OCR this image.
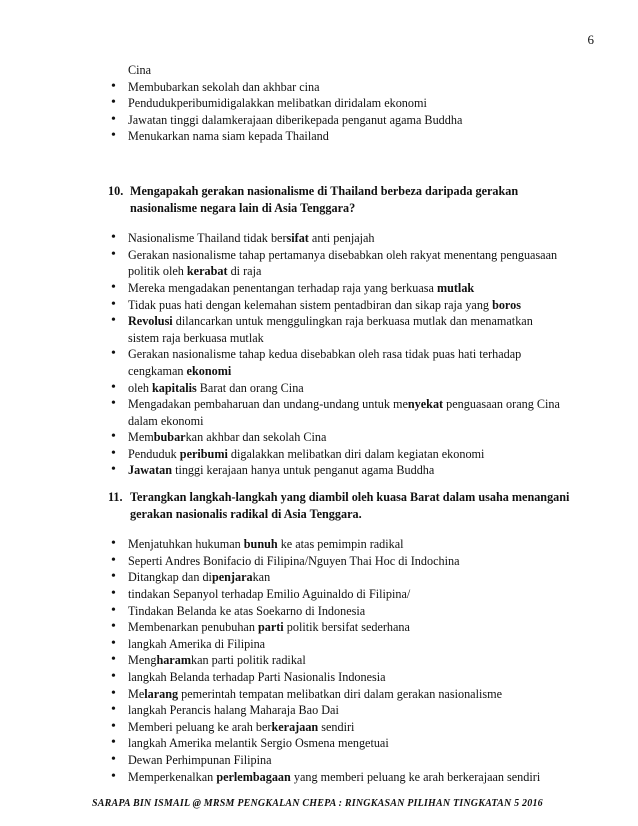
6
Cina
• Membubarkan sekolah dan akhbar cina
• Pendudukperibumidigalakkan melibatkan diridalam ekonomi
• Jawatan tinggi dalamkerajaan diberikepada penganut agama Buddha
• Menukarkan nama siam kepada Thailand
10. Mengapakah gerakan nasionalisme di Thailand berbeza daripada gerakan
nasionalisme negara lain di Asia Tenggara?
• Nasionalisme Thailand tidak bersifat anti penjajah
• Gerakan nasionalisme tahap pertamanya disebabkan oleh rakyat menentang penguasaan
politik oleh kerabat di raja
• Mereka mengadakan penentangan terhadap raja yang berkuasa mutlak
• Tidak puas hati dengan kelemahan sistem pentadbiran dan sikap raja yang boros
• Revolusi dilancarkan untuk menggulingkan raja berkuasa mutlak dan menamatkan
sistem raja berkuasa mutlak
• Gerakan nasionalisme tahap kedua disebabkan oleh rasa tidak puas hati terhadap
cengkaman ekonomi
• oleh kapitalis Barat dan orang Cina
• Mengadakan pembaharuan dan undang-undang untuk menyekat penguasaan orang Cina
dalam ekonomi
• Membubarkan akhbar dan sekolah Cina
• Penduduk peribumi digalakkan melibatkan diri dalam kegiatan ekonomi
• Jawatan tinggi kerajaan hanya untuk penganut agama Buddha
11. Terangkan langkah-langkah yang diambil oleh kuasa Barat dalam usaha menangani
gerakan nasionalis radikal di Asia Tenggara.
• Menjatuhkan hukuman bunuh ke atas pemimpin radikal
• Seperti Andres Bonifacio di Filipina/Nguyen Thai Hoc di Indochina
• Ditangkap dan dipenjarakan
• tindakan Sepanyol terhadap Emilio Aguinaldo di Filipina/
• Tindakan Belanda ke atas Soekarno di Indonesia
• Membenarkan penubuhan parti politik bersifat sederhana
• langkah Amerika di Filipina
• Mengharamkan parti politik radikal
• langkah Belanda terhadap Parti Nasionalis Indonesia
• Melarang pemerintah tempatan melibatkan diri dalam gerakan nasionalisme
• langkah Perancis halang Maharaja Bao Dai
• Memberi peluang ke arah berkerajaan sendiri
• langkah Amerika melantik Sergio Osmena mengetuai
• Dewan Perhimpunan Filipina
• Memperkenalkan perlembagaan yang memberi peluang ke arah berkerajaan sendiri
SARAPA BIN ISMAIL @ MRSM PENGKALAN CHEPA : RINGKASAN PILIHAN TINGKATAN 5 2016
